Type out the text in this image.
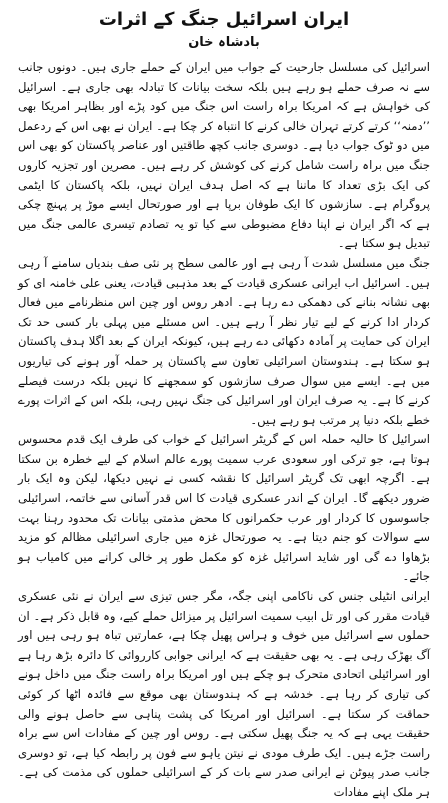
ایران اسرائیل جنگ کے اثرات
بادشاہ خان
اسرائیل کی مسلسل جارحیت کے جواب میں ایران کے حملے جاری ہیں۔ دونوں جانب سے نہ صرف حملے ہو رہے ہیں بلکہ سخت بیانات کا تبادلہ بھی جاری ہے۔ اسرائیل کی خواہش ہے کہ امریکا براہ راست اس جنگ میں کود پڑے اور بظاہر امریکا بھی ’’دمنہ‘‘ کرتے کرتے تہران خالی کرنے کا انتباہ کر چکا ہے۔ ایران نے بھی اس کے ردعمل میں دو ٹوک جواب دیا ہے۔ دوسری جانب کچھ طاقتیں اور عناصر پاکستان کو بھی اس جنگ میں براہ راست شامل کرنے کی کوشش کر رہے ہیں۔ مصرین اور تجزیہ کاروں کی ایک بڑی تعداد کا ماننا ہے کہ اصل ہدف ایران نہیں، بلکہ پاکستان کا ایٹمی پروگرام ہے۔ سازشوں کا ایک طوفان برپا ہے اور صورتحال ایسے موڑ پر پہنچ چکی ہے کہ اگر ایران نے اپنا دفاع مضبوطی سے کیا تو یہ تصادم تیسری عالمی جنگ میں تبدیل ہو سکتا ہے۔
جنگ میں مسلسل شدت آ رہی ہے اور عالمی سطح پر نئی صف بندیاں سامنے آ رہی ہیں۔ اسرائیل اب ایرانی عسکری قیادت کے بعد مذہبی قیادت، یعنی علی خامنہ ای کو بھی نشانہ بنانے کی دھمکی دے رہا ہے۔ ادھر روس اور چین اس منظرنامے میں فعال کردار ادا کرنے کے لیے تیار نظر آ رہے ہیں۔ اس مسئلے میں پہلی بار کسی حد تک ایران کی حمایت پر آمادہ دکھائی دے رہے ہیں، کیونکہ ایران کے بعد اگلا ہدف پاکستان ہو سکتا ہے۔ ہندوستان اسرائیلی تعاون سے پاکستان پر حملہ آور ہونے کی تیاریوں میں ہے۔ ایسے میں سوال صرف سازشوں کو سمجھنے کا نہیں بلکہ درست فیصلے کرنے کا ہے۔ یہ صرف ایران اور اسرائیل کی جنگ نہیں رہی، بلکہ اس کے اثرات پورے خطے بلکہ دنیا پر مرتب ہو رہے ہیں۔
اسرائیل کا حالیہ حملہ اس کے گریٹر اسرائیل کے خواب کی طرف ایک قدم محسوس ہوتا ہے، جو ترکی اور سعودی عرب سمیت پورے عالم اسلام کے لیے خطرہ بن سکتا ہے۔ اگرچہ ابھی تک گریٹر اسرائیل کا نقشہ کسی نے نہیں دیکھا، لیکن وہ ایک بار ضرور دیکھے گا۔ ایران کے اندر عسکری قیادت کا اس قدر آسانی سے خاتمہ، اسرائیلی جاسوسوں کا کردار اور عرب حکمرانوں کا محض مذمتی بیانات تک محدود رہنا بہت سے سوالات کو جنم دیتا ہے۔ یہ صورتحال غزہ میں جاری اسرائیلی مظالم کو مزید بڑھاوا دے گی اور شاید اسرائیل غزہ کو مکمل طور پر خالی کرانے میں کامیاب ہو جائے۔
ایرانی انٹیلی جنس کی ناکامی اپنی جگہ، مگر جس تیزی سے ایران نے نئی عسکری قیادت مقرر کی اور تل ابیب سمیت اسرائیل پر میزائل حملے کیے، وہ قابل ذکر ہے۔ ان حملوں سے اسرائیل میں خوف و ہراس پھیل چکا ہے، عمارتیں تباہ ہو رہی ہیں اور آگ بھڑک رہی ہے۔ یہ بھی حقیقت ہے کہ ایرانی جوابی کارروائی کا دائرہ بڑھ رہا ہے اور اسرائیلی اتحادی متحرک ہو چکے ہیں اور امریکا براہ راست جنگ میں داخل ہونے کی تیاری کر رہا ہے۔ خدشہ ہے کہ ہندوستان بھی موقع سے فائدہ اٹھا کر کوئی حماقت کر سکتا ہے۔ اسرائیل اور امریکا کی پشت پناہی سے حاصل ہونے والی حقیقت یہی ہے کہ یہ جنگ پھیل سکتی ہے۔ روس اور چین کے مفادات اس سے براہ راست جڑے ہیں۔ ایک طرف مودی نے نیتن یاہو سے فون پر رابطہ کیا ہے، تو دوسری جانب صدر پیوٹن نے ایرانی صدر سے بات کر کے اسرائیلی حملوں کی مذمت کی ہے۔ ہر ملک اپنے مفادات
